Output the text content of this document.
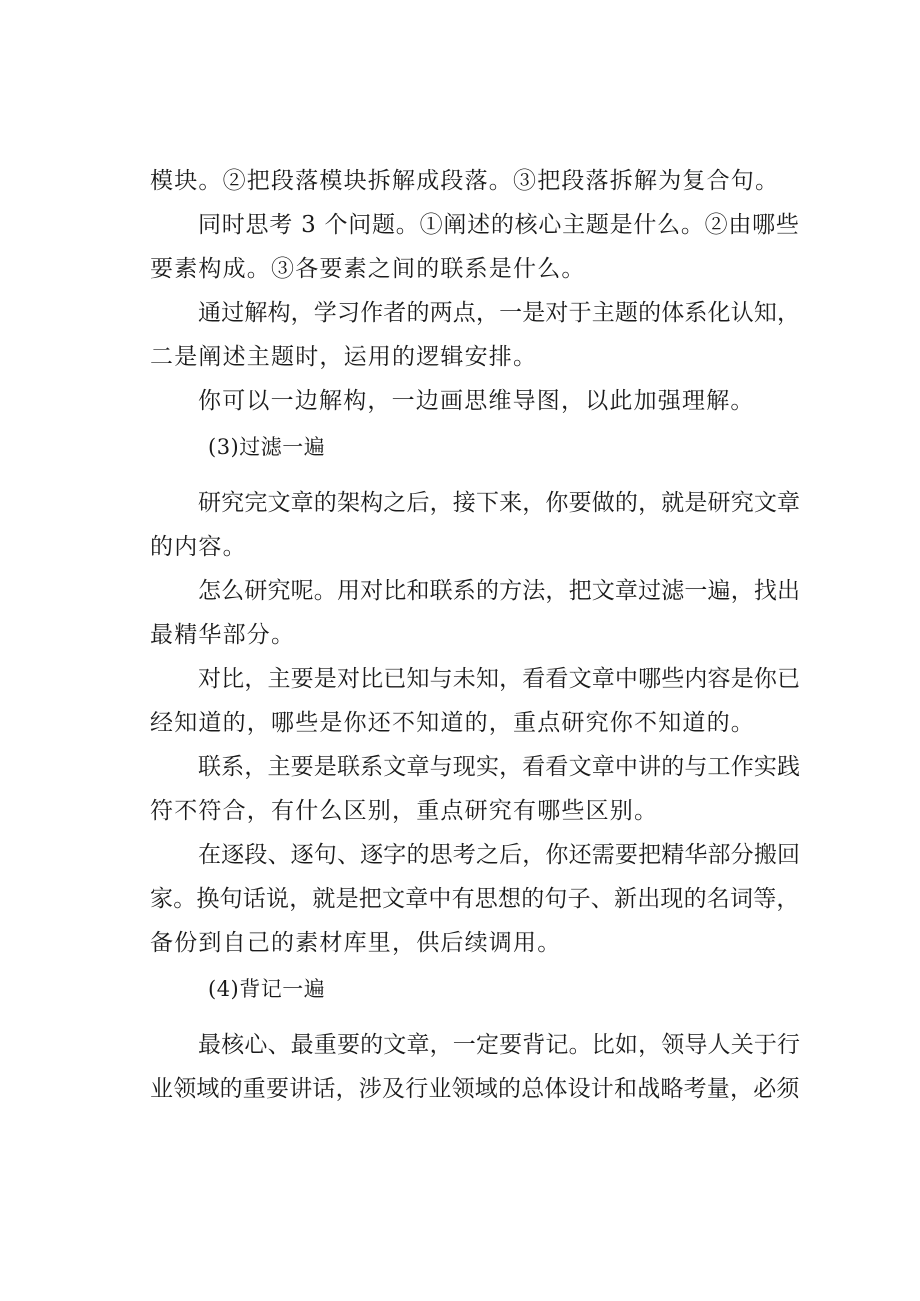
模块。②把段落模块拆解成段落。③把段落拆解为复合句。
同时思考 3 个问题。①阐述的核心主题是什么。②由哪些
要素构成。③各要素之间的联系是什么。
通过解构，学习作者的两点，一是对于主题的体系化认知，
二是阐述主题时，运用的逻辑安排。
你可以一边解构，一边画思维导图，以此加强理解。
(3)过滤一遍
研究完文章的架构之后，接下来，你要做的，就是研究文章
的内容。
怎么研究呢。用对比和联系的方法，把文章过滤一遍，找出
最精华部分。
对比，主要是对比已知与未知，看看文章中哪些内容是你已
经知道的，哪些是你还不知道的，重点研究你不知道的。
联系，主要是联系文章与现实，看看文章中讲的与工作实践
符不符合，有什么区别，重点研究有哪些区别。
在逐段、逐句、逐字的思考之后，你还需要把精华部分搬回
家。换句话说，就是把文章中有思想的句子、新出现的名词等，
备份到自己的素材库里，供后续调用。
(4)背记一遍
最核心、最重要的文章，一定要背记。比如，领导人关于行
业领域的重要讲话，涉及行业领域的总体设计和战略考量，必须
